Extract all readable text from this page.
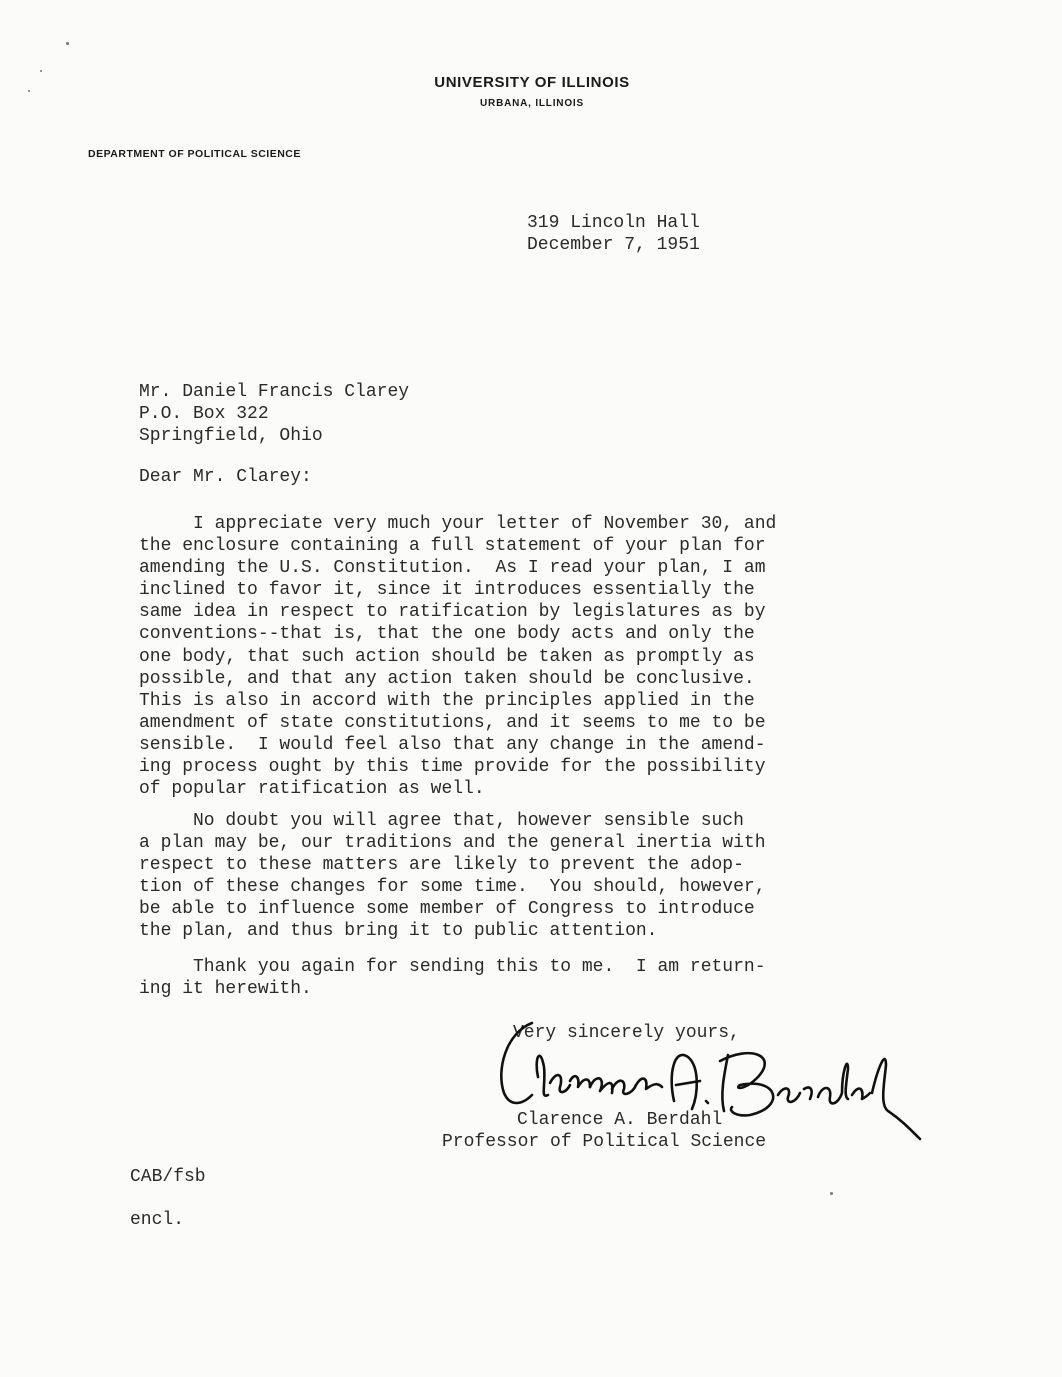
UNIVERSITY OF ILLINOIS
URBANA, ILLINOIS
DEPARTMENT OF POLITICAL SCIENCE
319 Lincoln Hall
December 7, 1951
Mr. Daniel Francis Clarey
P.O. Box 322
Springfield, Ohio
Dear Mr. Clarey:
I appreciate very much your letter of November 30, and
the enclosure containing a full statement of your plan for
amending the U.S. Constitution.  As I read your plan, I am
inclined to favor it, since it introduces essentially the
same idea in respect to ratification by legislatures as by
conventions--that is, that the one body acts and only the
one body, that such action should be taken as promptly as
possible, and that any action taken should be conclusive.
This is also in accord with the principles applied in the
amendment of state constitutions, and it seems to me to be
sensible.  I would feel also that any change in the amend-
ing process ought by this time provide for the possibility
of popular ratification as well.
No doubt you will agree that, however sensible such
a plan may be, our traditions and the general inertia with
respect to these matters are likely to prevent the adop-
tion of these changes for some time.  You should, however,
be able to influence some member of Congress to introduce
the plan, and thus bring it to public attention.
Thank you again for sending this to me.  I am return-
ing it herewith.
Very sincerely yours,
Clarence A. Berdahl
Professor of Political Science
CAB/fsb
encl.
